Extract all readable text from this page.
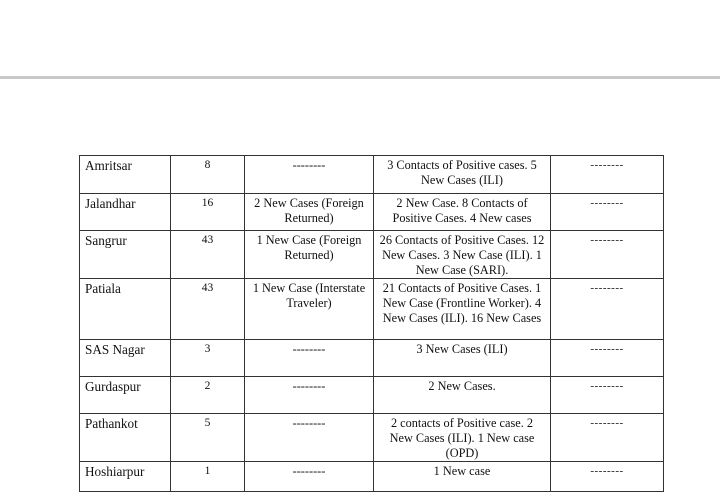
Amritsar	8	--------	3 Contacts of Positive cases. 5 New Cases (ILI)	--------
Jalandhar	16	2 New Cases (Foreign Returned)	2 New Case. 8 Contacts of Positive Cases. 4 New cases	--------
Sangrur	43	1 New Case (Foreign Returned)	26 Contacts of Positive Cases. 12 New Cases. 3 New Case (ILI). 1 New Case (SARI).	--------
Patiala	43	1 New Case (Interstate Traveler)	21 Contacts of Positive Cases. 1 New Case (Frontline Worker). 4 New Cases (ILI). 16 New Cases	--------
SAS Nagar	3	--------	3 New Cases (ILI)	--------
Gurdaspur	2	--------	2 New Cases.	--------
Pathankot	5	--------	2 contacts of Positive case. 2 New Cases (ILI). 1 New case (OPD)	--------
Hoshiarpur	1	--------	1 New case	--------
